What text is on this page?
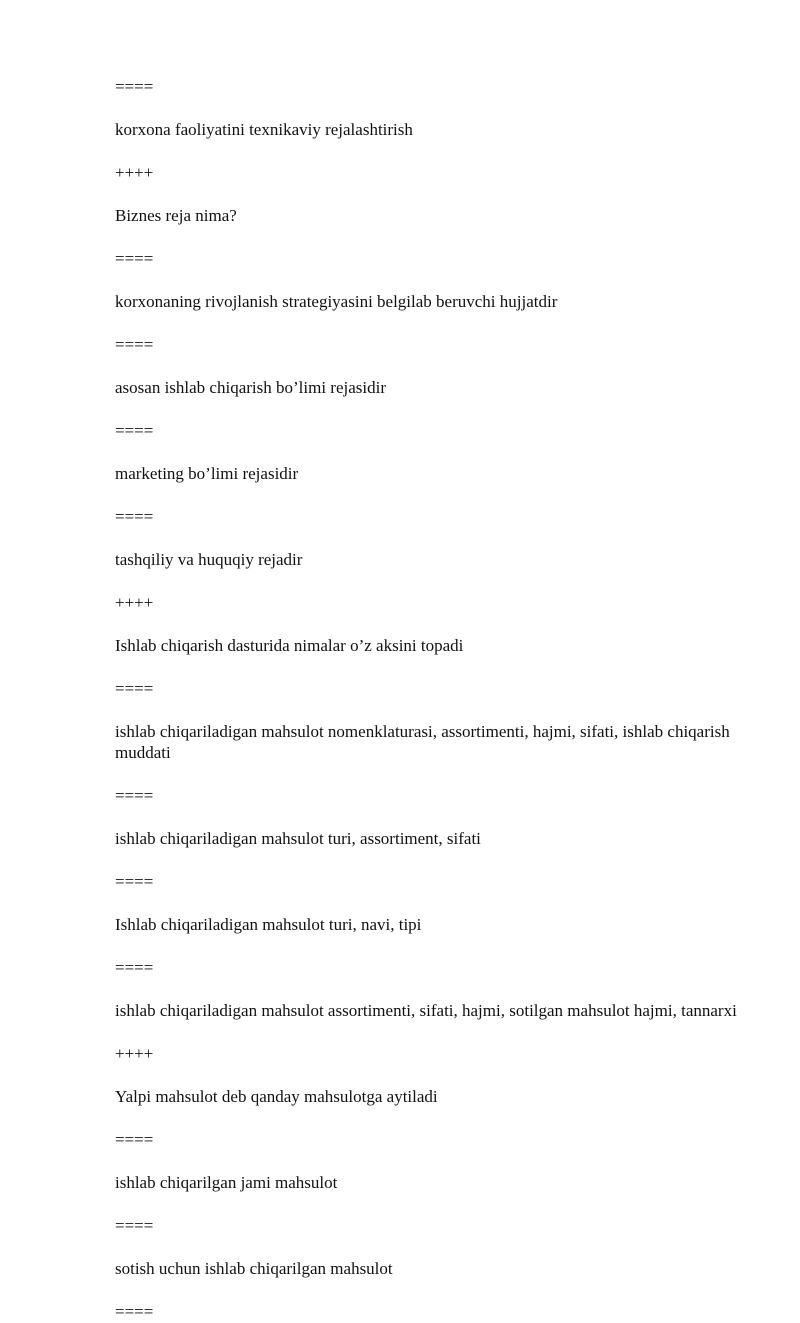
====

korxona faoliyatini texnikaviy rejalashtirish

++++

Biznes reja nima?

====

korxonaning rivojlanish strategiyasini belgilab beruvchi hujjatdir

====

asosan ishlab chiqarish bo’limi rejasidir

====

marketing bo’limi rejasidir

====

tashqiliy va huquqiy rejadir

++++

Ishlab chiqarish dasturida nimalar o’z aksini topadi

====

ishlab chiqariladigan mahsulot nomenklaturasi, assortimenti, hajmi, sifati, ishlab chiqarish muddati

====

ishlab chiqariladigan mahsulot turi, assortiment, sifati

====

Ishlab chiqariladigan mahsulot turi, navi, tipi

====

ishlab chiqariladigan mahsulot assortimenti, sifati, hajmi, sotilgan mahsulot hajmi, tannarxi

++++

Yalpi mahsulot deb qanday mahsulotga aytiladi

====

ishlab chiqarilgan jami mahsulot

====

sotish uchun ishlab chiqarilgan mahsulot

====
